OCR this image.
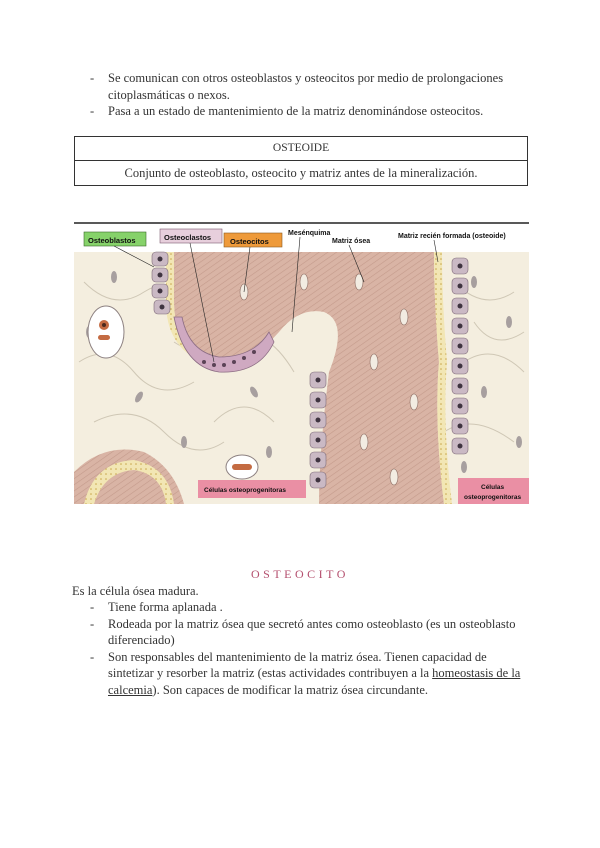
- Se comunican con otros osteoblastos y osteocitos por medio de prolongaciones citoplasmáticas o nexos.
- Pasa a un estado de mantenimiento de la matriz denominándose osteocitos.
OSTEOIDE
Conjunto de osteoblasto, osteocito y matriz antes de la mineralización.
Osteoblastos	Osteoclastos	Osteocitos
Mesénquima
Matriz ósea
Matriz recién formada (osteoide)
Células osteoprogenitoras	Células
osteoprogenitoras
OSTEOCITO
Es la célula ósea madura.
- Tiene forma aplanada .
- Rodeada por la matriz ósea que secretó antes como osteoblasto (es un osteoblasto diferenciado)
- Son responsables del mantenimiento de la matriz ósea. Tienen capacidad de sintetizar y resorber la matriz (estas actividades contribuyen a la homeostasis de la calcemia). Son capaces de modificar la matriz ósea circundante.
